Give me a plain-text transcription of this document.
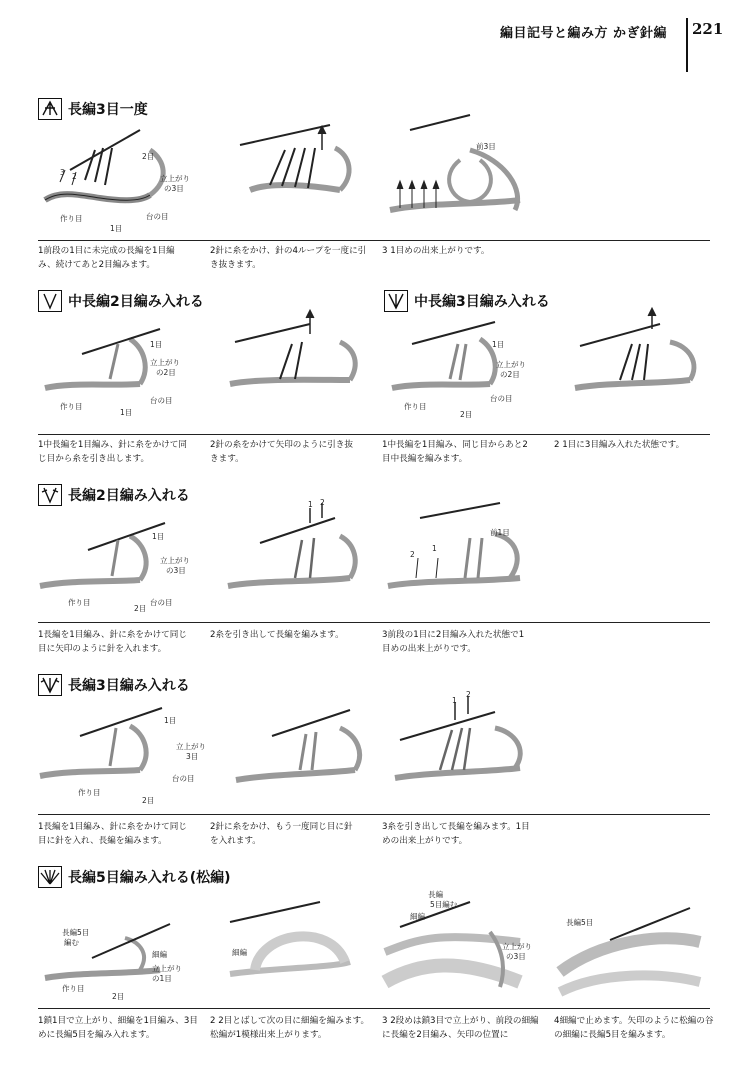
編目記号と編み方 かぎ針編 221
長編3目一度
2目
立上がり
の3目
台の目
作り目
1目
3 2
前3目
1前段の1目に未完成の長編を1目編み、続けてあと2目編みます。
2針に糸をかけ、針の4ループを一度に引き抜きます。
3 1目めの出来上がりです。
中長編2目編み入れる	中長編3目編み入れる
1目
立上がり
の2目
台の目
作り目
1目
1目
立上がり
の2目
台の目
作り目
2目
1中長編を1目編み、針に糸をかけて同じ目から糸を引き出します。
2針の糸をかけて矢印のように引き抜きます。
1中長編を1目編み、同じ目からあと2目中長編を編みます。
2 1目に3目編み入れた状態です。
長編2目編み入れる
1目
立上がり
の3目
台の目
作り目
2目
1 2
前1目
2
1
1長編を1目編み、針に糸をかけて同じ目に矢印のように針を入れます。
2糸を引き出して長編を編みます。	3前段の1目に2目編み入れた状態で1目めの出来上がりです。
長編3目編み入れる
1目
立上がり
3目
台の目
作り目
2目
1
2
1長編を1目編み、針に糸をかけて同じ目に針を入れ、長編を編みます。
2針に糸をかけ、もう一度同じ目に針を入れます。
3糸を引き出して長編を編みます。1目めの出来上がりです。
長編5目編み入れる(松編)
長編5目
編む
細編
立上がり
の1目
作り目
2目
細編
長編
5目編む
細編
立上がり
の3目
長編5目
1鎖1目で立上がり、細編を1目編み、3目めに長編5目を編み入れます。
2 2目とばして次の目に細編を編みます。松編が1模様出来上がります。
3 2段めは鎖3目で立上がり、前段の細編に長編を2目編み、矢印の位置に
4細編で止めます。矢印のように松編の谷の細編に長編5目を編みます。
